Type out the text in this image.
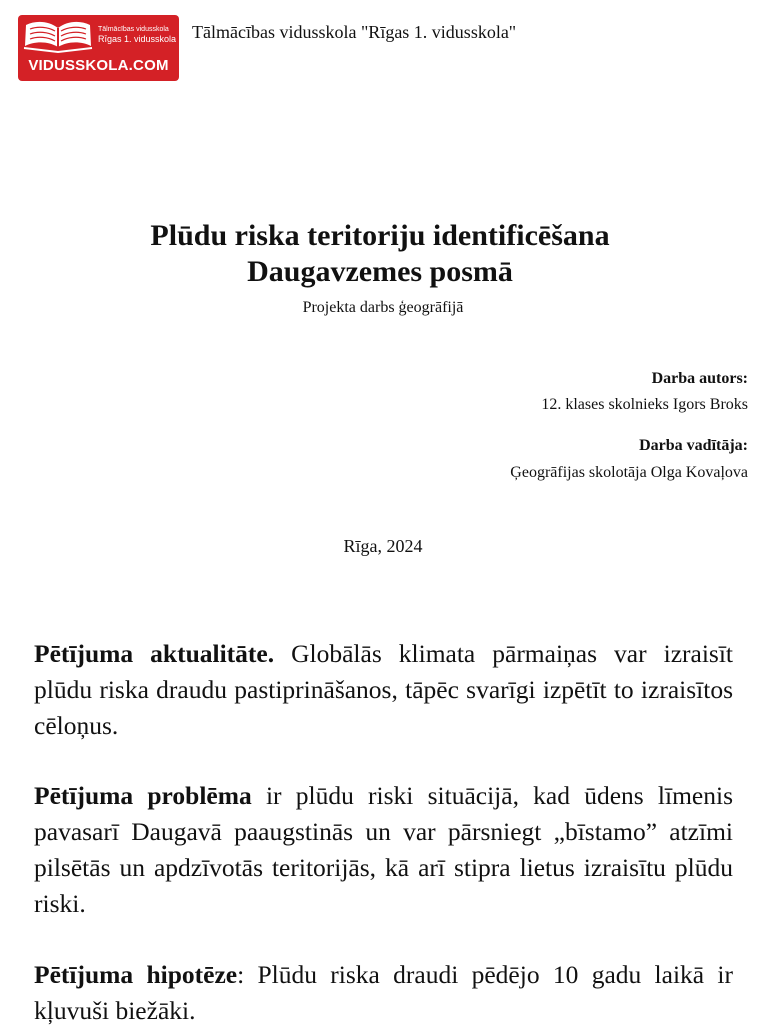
Tālmācības vidusskola
Rīgas 1. vidusskola
VIDUSSKOLA.COM
Tālmācības vidusskola "Rīgas 1. vidusskola"
Plūdu riska teritoriju identificēšana
Daugavzemes posmā
Projekta darbs ģeogrāfijā
Darba autors:
12. klases skolnieks Igors Broks
Darba vadītāja:
Ģeogrāfijas skolotāja Olga Kovaļova
Rīga, 2024

Pētījuma aktualitāte. Globālās klimata pārmaiņas var izraisīt plūdu riska draudu pastiprināšanos, tāpēc svarīgi izpētīt to izraisītos cēloņus.

Pētījuma problēma ir plūdu riski situācijā, kad ūdens līmenis pavasarī Daugavā paaugstinās un var pārsniegt „bīstamo” atzīmi pilsētās un apdzīvotās teritorijās, kā arī stipra lietus izraisītu plūdu riski.

Pētījuma hipotēze: Plūdu riska draudi pēdējo 10 gadu laikā ir kļuvuši biežāki.
